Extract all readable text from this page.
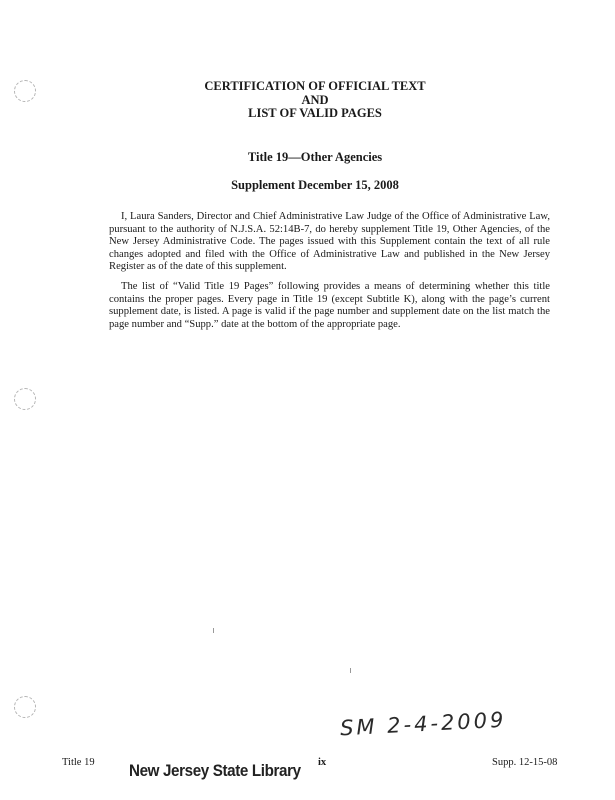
CERTIFICATION OF OFFICIAL TEXT
AND
LIST OF VALID PAGES
Title 19—Other Agencies
Supplement December 15, 2008

I, Laura Sanders, Director and Chief Administrative Law Judge of the Office of Administrative Law, pursuant to the authority of N.J.S.A. 52:14B-7, do hereby supplement Title 19, Other Agencies, of the New Jersey Administrative Code. The pages issued with this Supplement contain the text of all rule changes adopted and filed with the Office of Administrative Law and published in the New Jersey Register as of the date of this supplement.

The list of “Valid Title 19 Pages” following provides a means of determining whether this title contains the proper pages. Every page in Title 19 (except Subtitle K), along with the page’s current supplement date, is listed. A page is valid if the page number and supplement date on the list match the page number and “Supp.” date at the bottom of the appropriate page.

SM 2-4-2009
Title 19	ix	Supp. 12-15-08
New Jersey State Library
